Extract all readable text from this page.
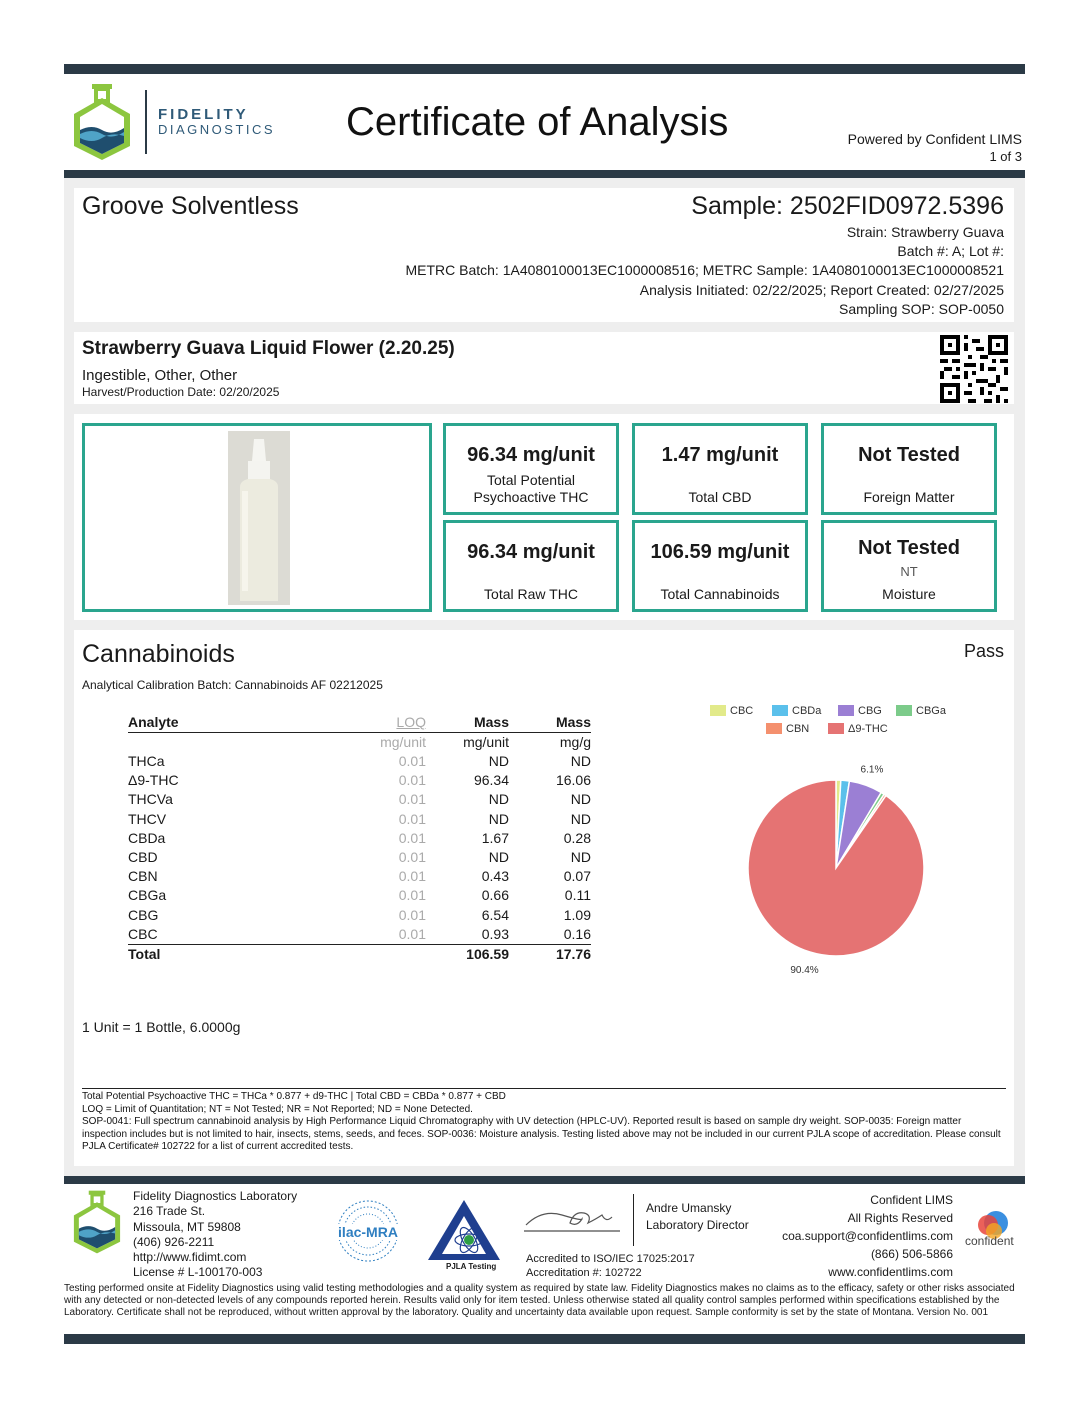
FIDELITY
DIAGNOSTICS Certificate of Analysis	Powered by Confident LIMS
1 of 3
Groove Solventless	Sample: 2502FID0972.5396
Strain: Strawberry Guava
Batch #: A; Lot #:
METRC Batch: 1A4080100013EC1000008516; METRC Sample: 1A4080100013EC1000008521
Analysis Initiated: 02/22/2025; Report Created: 02/27/2025
Sampling SOP: SOP-0050
Strawberry Guava Liquid Flower (2.20.25)
Ingestible, Other, Other
Harvest/Production Date: 02/20/2025
96.34 mg/unit
Total Potential
Psychoactive THC
1.47 mg/unit
Total CBD
Not Tested
Foreign Matter
96.34 mg/unit
Total Raw THC
106.59 mg/unit
Total Cannabinoids
Not Tested
NT
Moisture
Cannabinoids	Pass
Analytical Calibration Batch: Cannabinoids AF 02212025
Analyte	LOQ	Mass	Mass
	mg/unit	mg/unit	mg/g
THCa	0.01	ND	ND
Δ9-THC	0.01	96.34	16.06
THCVa	0.01	ND	ND
THCV	0.01	ND	ND
CBDa	0.01	1.67	0.28
CBD	0.01	ND	ND
CBN	0.01	0.43	0.07
CBGa	0.01	0.66	0.11
CBG	0.01	6.54	1.09
CBC	0.01	0.93	0.16
Total		106.59	17.76
CBC	CBDa	CBG	CBGa
CBN	Δ9-THC
6.1%
90.4%
1 Unit = 1 Bottle, 6.0000g
Total Potential Psychoactive THC = THCa * 0.877 + d9-THC | Total CBD = CBDa * 0.877 + CBD
LOQ = Limit of Quantitation; NT = Not Tested; NR = Not Reported; ND = None Detected.
SOP-0041: Full spectrum cannabinoid analysis by High Performance Liquid Chromatography with UV detection (HPLC-UV). Reported result is based on sample dry weight. SOP-0035: Foreign matter inspection includes but is not limited to hair, insects, stems, seeds, and feces. SOP-0036: Moisture analysis. Testing listed above may not be included in our current PJLA scope of accreditation. Please consult PJLA Certificate# 102722 for a list of current accredited tests.
Fidelity Diagnostics Laboratory
216 Trade St.
Missoula, MT 59808
(406) 926-2211
http://www.fidimt.com
License # L-100170-003
ilac-MRA
PJLA Testing
Andre Umansky
Laboratory Director
Accredited to ISO/IEC 17025:2017
Accreditation #: 102722
Confident LIMS
All Rights Reserved
coa.support@confidentlims.com
(866) 506-5866
www.confidentlims.com
confident
Testing performed onsite at Fidelity Diagnostics using valid testing methodologies and a quality system as required by state law. Fidelity Diagnostics makes no claims as to the efficacy, safety or other risks associated with any detected or non-detected levels of any compounds reported herein. Results valid only for item tested. Unless otherwise stated all quality control samples performed within specifications established by the Laboratory. Certificate shall not be reproduced, without written approval by the laboratory. Quality and uncertainty data available upon request. Sample conformity is set by the state of Montana. Version No. 001
